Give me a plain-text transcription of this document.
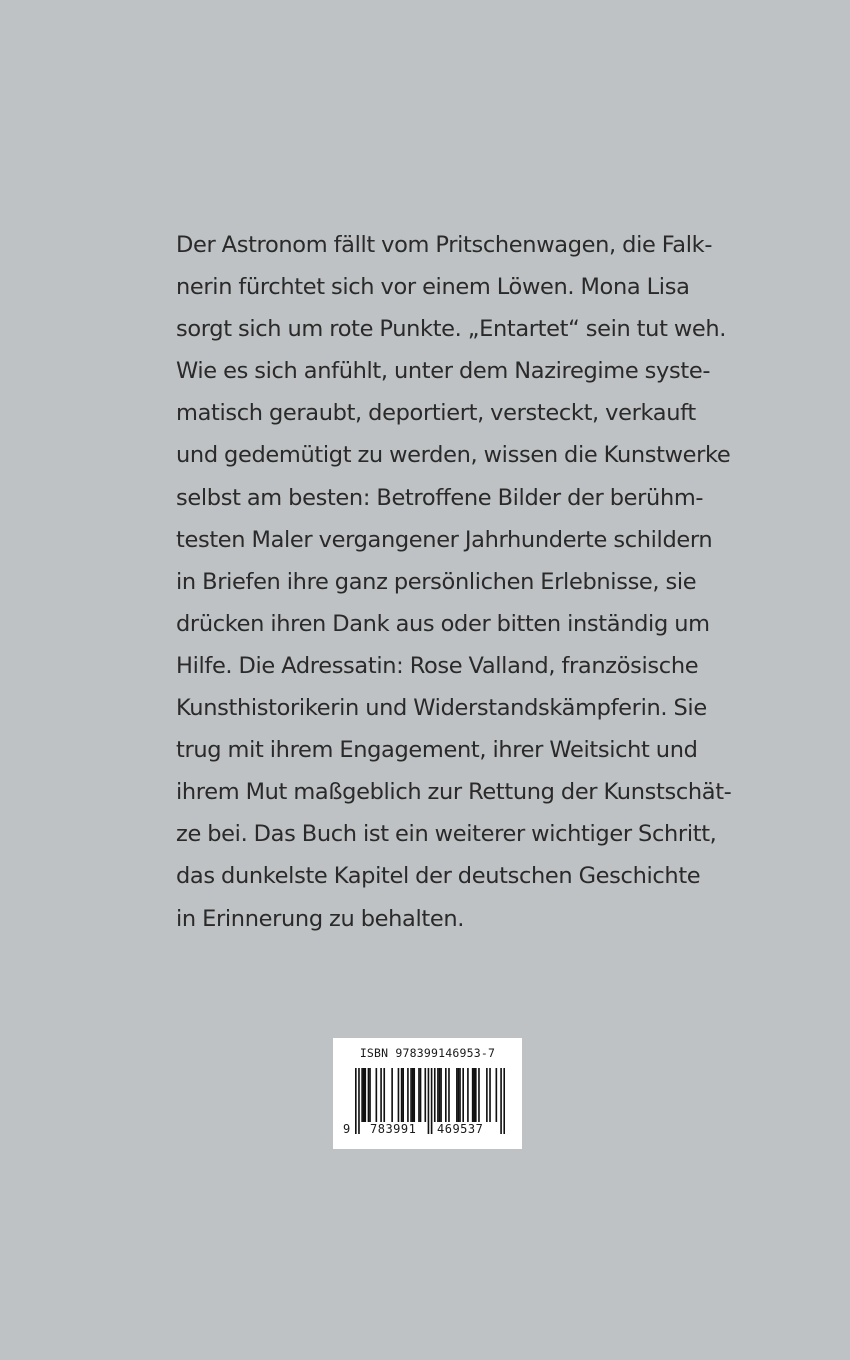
Der Astronom fällt vom Pritschenwagen, die Falk-
nerin fürchtet sich vor einem Löwen. Mona Lisa
sorgt sich um rote Punkte. „Entartet“ sein tut weh.
Wie es sich anfühlt, unter dem Naziregime syste-
matisch geraubt, deportiert, versteckt, verkauft
und gedemütigt zu werden, wissen die Kunstwerke
selbst am besten: Betroffene Bilder der berühm-
testen Maler vergangener Jahrhunderte schildern
in Briefen ihre ganz persönlichen Erlebnisse, sie
drücken ihren Dank aus oder bitten inständig um
Hilfe. Die Adressatin: Rose Valland, französische
Kunsthistorikerin und Widerstandskämpferin. Sie
trug mit ihrem Engagement, ihrer Weitsicht und
ihrem Mut maßgeblich zur Rettung der Kunstschät-
ze bei. Das Buch ist ein weiterer wichtiger Schritt,
das dunkelste Kapitel der deutschen Geschichte
in Erinnerung zu behalten.
ISBN 978399146953-7
9 783991 469537
